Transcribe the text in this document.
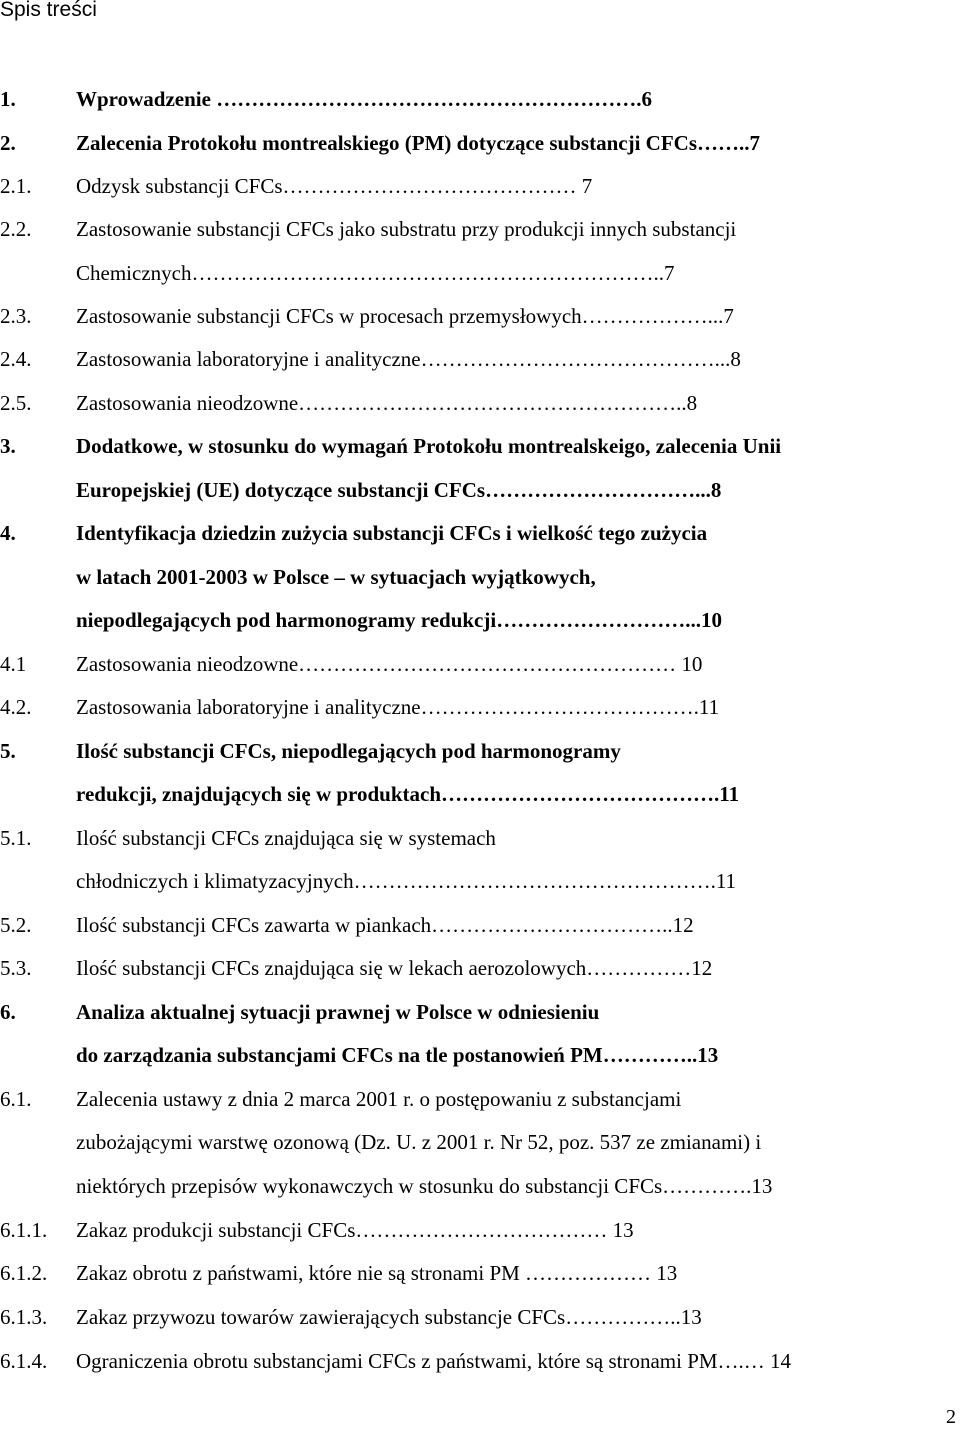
Spis treści
1.	Wprowadzenie …………………………………………………….6
2.	Zalecenia Protokołu montrealskiego (PM) dotyczące substancji CFCs……..7
2.1. Odzysk substancji CFCs…………………………………… 7
2.2. Zastosowanie substancji CFCs jako substratu przy produkcji innych substancji
Chemicznych…………………………………………………………..7
2.3. Zastosowanie substancji CFCs w procesach przemysłowych………………...7
2.4. Zastosowania laboratoryjne i analityczne……………………………………...8
2.5. Zastosowania nieodzowne………………………………………………..8
3.	Dodatkowe, w stosunku do wymagań Protokołu montrealskeigo, zalecenia Unii
Europejskiej (UE) dotyczące substancji CFCs…………………………...8
4.	Identyfikacja dziedzin zużycia substancji CFCs i wielkość tego zużycia
w latach 2001-2003 w Polsce – w sytuacjach wyjątkowych,
niepodlegających pod harmonogramy redukcji………………………...10
4.1 Zastosowania nieodzowne……………………………………………… 10
4.2. Zastosowania laboratoryjne i analityczne………………………………….11
5.	Ilość substancji CFCs, niepodlegających pod harmonogramy
redukcji, znajdujących się w produktach………………………………….11
5.1. Ilość substancji CFCs znajdująca się w systemach
chłodniczych i klimatyzacyjnych…………………………………………….11
5.2. Ilość substancji CFCs zawarta w piankach……………………………..12
5.3. Ilość substancji CFCs znajdująca się w lekach aerozolowych……………12
6.	Analiza aktualnej sytuacji prawnej w Polsce w odniesieniu
do zarządzania substancjami CFCs na tle postanowień PM…………..13
6.1. Zalecenia ustawy z dnia 2 marca 2001 r. o postępowaniu z substancjami
zubożającymi warstwę ozonową (Dz. U. z 2001 r. Nr 52, poz. 537 ze zmianami) i
niektórych przepisów wykonawczych w stosunku do substancji CFCs………….13
6.1.1. Zakaz produkcji substancji CFCs……………………………… 13
6.1.2. Zakaz obrotu z państwami, które nie są stronami PM ……………… 13
6.1.3. Zakaz przywozu towarów zawierających substancje CFCs……………..13
6.1.4. Ograniczenia obrotu substancjami CFCs z państwami, które są stronami PM….… 14
2
